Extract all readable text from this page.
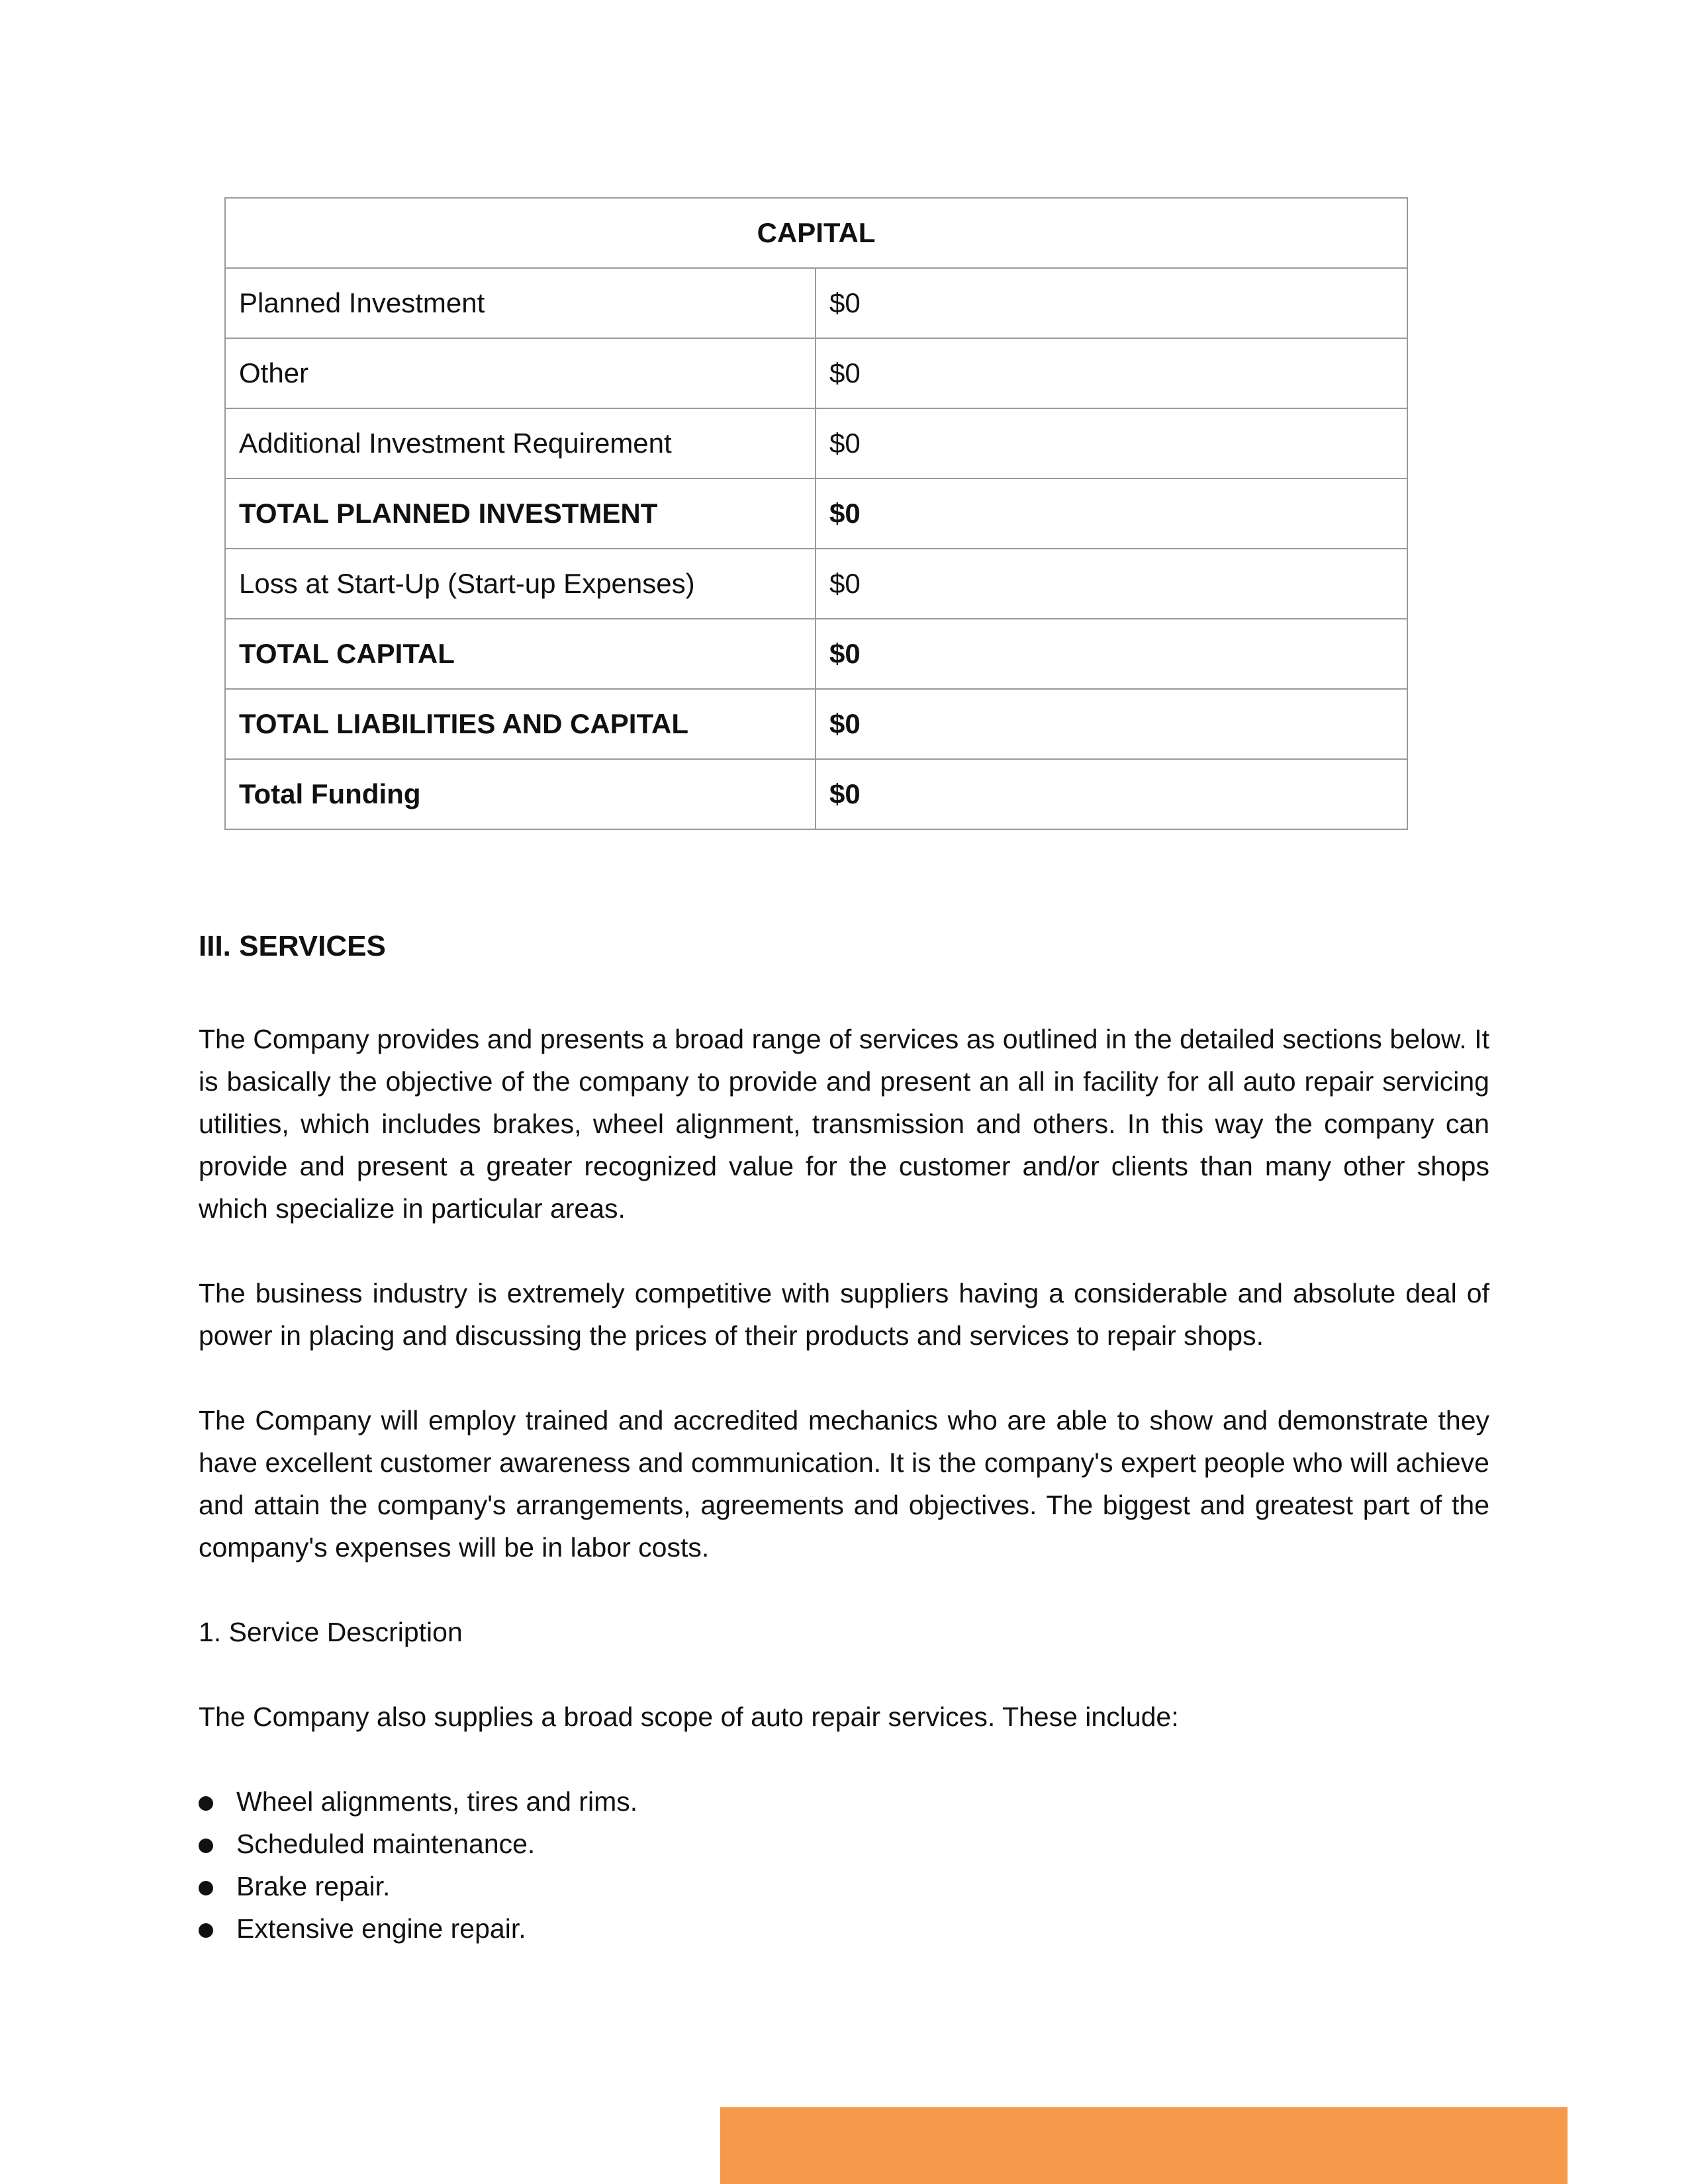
CAPITAL	
Planned Investment	$0
Other	$0
Additional Investment Requirement	$0
TOTAL PLANNED INVESTMENT	$0
Loss at Start-Up (Start-up Expenses)	$0
TOTAL CAPITAL	$0
TOTAL LIABILITIES AND CAPITAL	$0
Total Funding	$0
III. SERVICES

The Company provides and presents a broad range of services as outlined in the detailed sections below. It is basically the objective of the company to provide and present an all in facility for all auto repair servicing utilities, which includes brakes, wheel alignment, transmission and others. In this way the company can provide and present a greater recognized value for the customer and/or clients than many other shops which specialize in particular areas.

The business industry is extremely competitive with suppliers having a considerable and absolute deal of power in placing and discussing the prices of their products and services to repair shops.

The Company will employ trained and accredited mechanics who are able to show and demonstrate they have excellent customer awareness and communication. It is the company's expert people who will achieve and attain the company's arrangements, agreements and objectives. The biggest and greatest part of the company's expenses will be in labor costs.

1. Service Description

The Company also supplies a broad scope of auto repair services. These include:

Wheel alignments, tires and rims.
Scheduled maintenance.
Brake repair.
Extensive engine repair.
